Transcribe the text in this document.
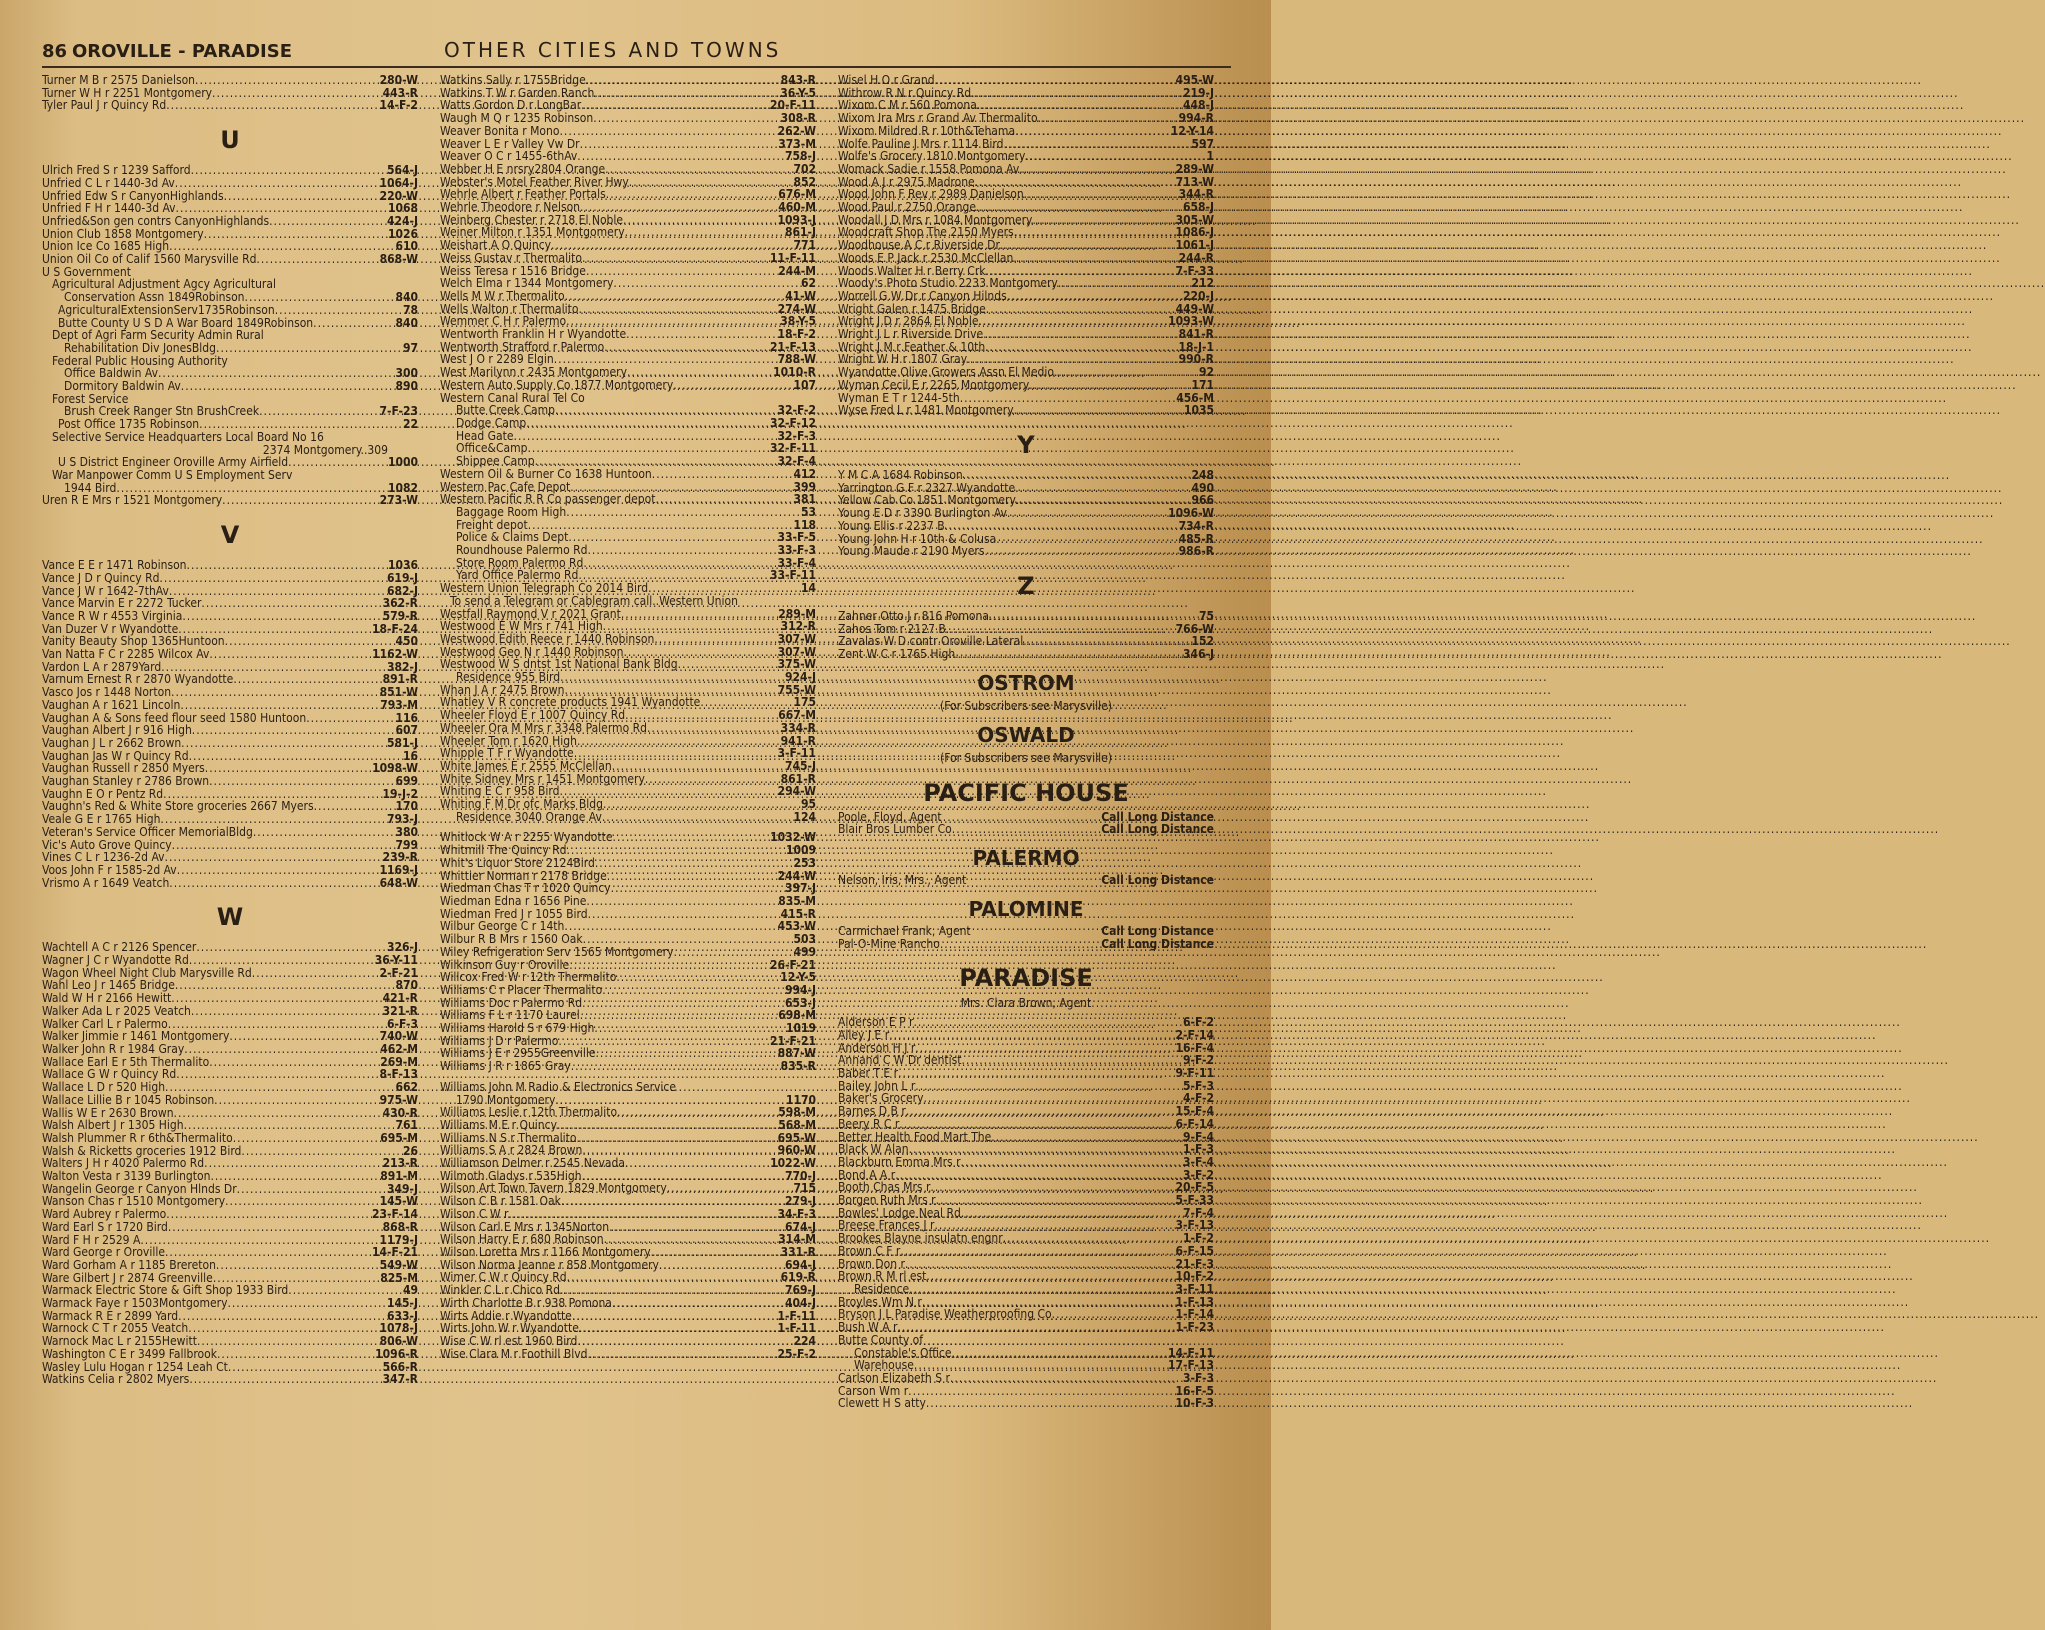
86 OROVILLE - PARADISE	OTHER CITIES AND TOWNS
Turner M B r 2575 Danielson .....	280-W
Turner W H r 2251 Montgomery .....	443-R
Tyler Paul J r Quincy Rd .....	14-F-2
U
Ulrich Fred S r 1239 Safford .....	564-J
Unfried C L r 1440-3d Av .....	1064-J
Unfried Edw S r CanyonHighlands .....	220-W
Unfried F H r 1440-3d Av .....	1068
Unfried&Son gen contrs CanyonHighlands .....	424-J
Union Club 1858 Montgomery .....	1026
Union Ice Co 1685 High .....	610
Union Oil Co of Calif 1560 Marysville Rd .....	868-W
U S Government
Agricultural Adjustment Agcy Agricultural
Conservation Assn 1849Robinson .....	840
AgriculturalExtensionServ1735Robinson .....	78
Butte County U S D A War Board 1849Robinson .....	840
Dept of Agri Farm Security Admin Rural
Rehabilitation Div JonesBldg .....	97
Federal Public Housing Authority
Office Baldwin Av .....	300
Dormitory Baldwin Av .....	890
Forest Service
Brush Creek Ranger Stn BrushCreek .....	7-F-23
Post Office 1735 Robinson .....	22
Selective Service Headquarters Local Board No 16
2374 Montgomery..309
U S District Engineer Oroville Army Airfield .....	1000
War Manpower Comm U S Employment Serv
1944 Bird .....	1082
Uren R E Mrs r 1521 Montgomery .....	273-W
V
Vance E E r 1471 Robinson .....	1036
Vance J D r Quincy Rd .....	619-J
Vance J W r 1642-7thAv .....	682-J
Vance Marvin E r 2272 Tucker .....	362-R
Vance R W r 4553 Virginia .....	579-R
Van Duzer V r Wyandotte .....	18-F-24
Vanity Beauty Shop 1365Huntoon .....	450
Van Natta F C r 2285 Wilcox Av .....	1162-W
Vardon L A r 2879Yard .....	382-J
Varnum Ernest R r 2870 Wyandotte .....	891-R
Vasco Jos r 1448 Norton .....	851-W
Vaughan A r 1621 Lincoln .....	793-M
Vaughan A & Sons feed flour seed 1580 Huntoon .....	116
Vaughan Albert J r 916 High .....	607
Vaughan J L r 2662 Brown .....	581-J
Vaughan Jas W r Quincy Rd .....	16
Vaughan Russell r 2850 Myers .....	1098-W
Vaughan Stanley r 2786 Brown .....	699
Vaughn E O r Pentz Rd .....	19-J-2
Vaughn's Red & White Store groceries 2667 Myers .....	170
Veale G E r 1765 High .....	793-J
Veteran's Service Officer MemorialBldg .....	380
Vic's Auto Grove Quincy .....	799
Vines C L r 1236-2d Av .....	239-R
Voos John F r 1585-2d Av .....	1169-J
Vrismo A r 1649 Veatch .....	648-W
W
Wachtell A C r 2126 Spencer .....	326-J
Wagner J C r Wyandotte Rd .....	36-Y-11
Wagon Wheel Night Club Marysville Rd .....	2-F-21
Wahl Leo J r 1465 Bridge .....	870
Wald W H r 2166 Hewitt .....	421-R
Walker Ada L r 2025 Veatch .....	321-R
Walker Carl L r Palermo .....	6-F-3
Walker Jimmie r 1461 Montgomery .....	740-W
Walker John R r 1984 Gray .....	462-M
Wallace Earl E r 5th Thermalito .....	269-M
Wallace G W r Quincy Rd .....	8-F-13
Wallace L D r 520 High .....	662
Wallace Lillie B r 1045 Robinson .....	975-W
Wallis W E r 2630 Brown .....	430-R
Walsh Albert J r 1305 High .....	761
Walsh Plummer R r 6th&Thermalito .....	695-M
Walsh & Ricketts groceries 1912 Bird .....	26
Walters J H r 4020 Palermo Rd .....	213-R
Walton Vesta r 3139 Burlington .....	891-M
Wangelin George r Canyon Hlnds Dr .....	349-J
Wanson Chas r 1510 Montgomery .....	145-W
Ward Aubrey r Palermo .....	23-F-14
Ward Earl S r 1720 Bird .....	868-R
Ward F H r 2529 A .....	1179-J
Ward George r Oroville .....	14-F-21
Ward Gorham A r 1185 Brereton .....	549-W
Ware Gilbert J r 2874 Greenville .....	825-M
Warmack Electric Store & Gift Shop 1933 Bird .....	49
Warmack Faye r 1503Montgomery .....	145-J
Warmack R E r 2899 Yard .....	633-J
Warnock C T r 2055 Veatch .....	1078-J
Warnock Mac L r 2155Hewitt .....	806-W
Washington C E r 3499 Fallbrook .....	1096-R
Wasley Lulu Hogan r 1254 Leah Ct .....	566-R
Watkins Celia r 2802 Myers .....	347-R
Watkins Sally r 1755Bridge .....	843-R
Watkins T W r Garden Ranch .....	36-Y-5
Watts Gordon D r LongBar .....	20-F-11
Waugh M Q r 1235 Robinson .....	308-R
Weaver Bonita r Mono .....	262-W
Weaver L E r Valley Vw Dr .....	373-M
Weaver O C r 1455-6thAv .....	758-J
Webber H E nrsry2804 Orange .....	702
Webster's Motel Feather River Hwy .....	852
Wehrle Albert r Feather Portals .....	676-M
Wehrle Theodore r Nelson .....	460-M
Weinberg Chester r 2718 El Noble .....	1093-J
Weiner Milton r 1351 Montgomery .....	861-J
Weishart A O Quincy .....	771
Weiss Gustav r Thermalito .....	11-F-11
Weiss Teresa r 1516 Bridge .....	244-M
Welch Elma r 1344 Montgomery .....	62
Wells M W r Thermalito .....	41-W
Wells Walton r Thermalito .....	274-W
Wemmer C H r Palermo .....	38-Y-5
Wentworth Franklin H r Wyandotte .....	18-F-2
Wentworth Strafford r Palermo .....	21-F-13
West J O r 2289 Elgin .....	788-W
West Marilynn r 2435 Montgomery .....	1010-R
Western Auto Supply Co 1877 Montgomery .....	107
Western Canal Rural Tel Co
Butte Creek Camp .....	32-F-2
Dodge Camp .....	32-F-12
Head Gate .....	32-F-3
Office&Camp .....	32-F-11
Shippee Camp .....	32-F-4
Western Oil & Burner Co 1638 Huntoon .....	412
Western Pac Cafe Depot .....	399
Western Pacific R R Co passenger depot .....	381
Baggage Room High .....	53
Freight depot .....	118
Police & Claims Dept .....	33-F-5
Roundhouse Palermo Rd .....	33-F-3
Store Room Palermo Rd .....	33-F-4
Yard Office Palermo Rd .....	33-F-11
Western Union Telegraph Co 2014 Bird .....	14
To send a Telegram or Cablegram call..Western Union
Westfall Raymond V r 2021 Grant .....	289-M
Westwood E W Mrs r 741 High .....	312-R
Westwood Edith Reece r 1440 Robinson .....	307-W
Westwood Geo N r 1440 Robinson .....	307-W
Westwood W S dntst 1st National Bank Bldg .....	375-W
Residence 955 Bird .....	924-J
Whan J A r 2475 Brown .....	755-W
Whatley V R concrete products 1941 Wyandotte .....	175
Wheeler Floyd E r 1007 Quincy Rd .....	667-M
Wheeler Ora M Mrs r 3348 Palermo Rd .....	334-R
Wheeler Tom r 1620 High .....	941-R
Whipple T F r Wyandotte .....	3-F-11
White James E r 2555 McClellan .....	745-J
White Sidney Mrs r 1451 Montgomery .....	861-R
Whiting E C r 958 Bird .....	294-W
Whiting F M Dr ofc Marks Bldg .....	95
Residence 3040 Orange Av .....	124
Whitlock W A r 2255 Wyandotte .....	1032-W
Whitmill The Quincy Rd .....	1009
Whit's Liquor Store 2124Bird .....	253
Whittier Norman r 2178 Bridge .....	244-W
Wiedman Chas T r 1020 Quincy .....	397-J
Wiedman Edna r 1656 Pine .....	835-M
Wiedman Fred J r 1055 Bird .....	415-R
Wilbur George C r 14th .....	453-W
Wilbur R B Mrs r 1560 Oak .....	503
Wiley Refrigeration Serv 1565 Montgomery .....	499
Wilkinson Guy r Oroville .....	26-F-21
Willcox Fred W r 12th Thermalito .....	12-Y-5
Williams C r Placer Thermalito .....	994-J
Williams Doc r Palermo Rd .....	653-J
Williams F L r 1170 Laurel .....	698-M
Williams Harold S r 679 High .....	1019
Williams J D r Palermo .....	21-F-21
Williams J E r 2955Greenville .....	887-W
Williams J R r 1865 Gray .....	835-R
Williams John M Radio & Electronics Service
1790 Montgomery .....	1170
Williams Leslie r 12th Thermalito .....	598-M
Williams M E r Quincy .....	568-M
Williams N S r Thermalito .....	695-W
Williams S A r 2824 Brown .....	960-W
Williamson Delmer r 2545 Nevada .....	1022-W
Wilmoth Gladys r 535High .....	770-J
Wilson Art Town Tavern 1829 Montgomery .....	715
Wilson C B r 1581 Oak .....	279-J
Wilson C W r .....	34-F-3
Wilson Carl E Mrs r 1345Norton .....	674-J
Wilson Harry E r 680 Robinson .....	314-M
Wilson Loretta Mrs r 1166 Montgomery .....	331-R
Wilson Norma Jeanne r 858 Montgomery .....	694-J
Wimer C W r Quincy Rd .....	619-R
Winkler C L r Chico Rd .....	769-J
Wirth Charlotte B r 938 Pomona .....	404-J
Wirts Addie r Wyandotte .....	1-F-11
Wirts John W r Wyandotte .....	1-F-11
Wise C W rl est 1960 Bird .....	224
Wise Clara M r Foothill Blvd .....	25-F-2
Wisel H O r Grand .....	495-W
Withrow R N r Quincy Rd .....	219-J
Wixom C M r 560 Pomona .....	448-J
Wixom Ira Mrs r Grand Av Thermalito .....	994-R
Wixom Mildred R r 10th&Tehama .....	12-Y-14
Wolfe Pauline J Mrs r 1114 Bird .....	597
Wolfe's Grocery 1810 Montgomery .....	1
Womack Sadie r 1558 Pomona Av .....	289-W
Wood A J r 2975 Madrone .....	713-W
Wood John F Rev r 2989 Danielson .....	344-R
Wood Paul r 2750 Orange .....	658-J
Woodall J D Mrs r 1084 Montgomery .....	305-W
Woodcraft Shop The 2150 Myers .....	1086-J
Woodhouse A C r Riverside Dr .....	1061-J
Woods E P Jack r 2530 McClellan .....	244-R
Woods Walter H r Berry Crk .....	7-F-33
Woody's Photo Studio 2233 Montgomery .....	212
Worrell G W Dr r Canyon Hilnds .....	220-J
Wright Galen r 1475 Bridge .....	449-W
Wright J D r 2864 El Noble .....	1093-W
Wright J L r Riverside Drive .....	841-R
Wright J M r Feather & 10th .....	18-J-1
Wright W H r 1807 Gray .....	990-R
Wyandotte Olive Growers Assn El Medio .....	92
Wyman Cecil E r 2265 Montgomery .....	171
Wyman E T r 1244-5th .....	456-M
Wyse Fred L r 1481 Montgomery .....	1035
Y
Y M C A 1684 Robinson .....	248
Yarrington G F r 2327 Wyandotte .....	490
Yellow Cab Co 1851 Montgomery .....	966
Young E D r 3390 Burlington Av .....	1096-W
Young Ellis r 2237 B .....	734-R
Young John H r 10th & Colusa .....	485-R
Young Maude r 2190 Myers .....	986-R
Z
Zahner Otto J r 816 Pomona .....	75
Zahos Tom r 2127 B .....	766-W
Zavalas W D contr Oroville Lateral .....	152
Zent W C r 1765 High .....	346-J
OSTROM
(For Subscribers see Marysville)
OSWALD
(For Subscribers see Marysville)
PACIFIC HOUSE
Poole, Floyd, Agent	Call Long Distance
Blair Bros Lumber Co .....	Call Long Distance
PALERMO
Nelson, Iris, Mrs., Agent	Call Long Distance
PALOMINE
Carmichael Frank, Agent	Call Long Distance
Pal-O-Mine Rancho .....	Call Long Distance
PARADISE
Mrs. Clara Brown, Agent
Alderson E P r .....	6-F-2
Alley J E r .....	2-F-14
Anderson H J r .....	16-F-4
Annand C W Dr dentist .....	9-F-2
Baber T E r .....	9-F-11
Bailey John L r .....	5-F-3
Baker's Grocery .....	4-F-2
Barnes D B r .....	15-F-4
Beery R C r .....	6-F-14
Better Health Food Mart The .....	9-F-4
Black W Alan .....	1-F-3
Blackburn Emma Mrs r .....	3-F-4
Bond A A r .....	3-F-2
Booth Chas Mrs r .....	20-F-5
Borgen Ruth Mrs r .....	5-F-33
Bowles' Lodge Neal Rd .....	7-F-4
Breese Frances J r .....	3-F-13
Brookes Blayne insulatn engnr .....	1-F-2
Brown C F r .....	6-F-15
Brown Don r .....	21-F-3
Brown R M rl est .....	10-F-2
Residence .....	3-F-11
Broyles Wm N r .....	1-F-13
Bryson J L Paradise Weatherproofing Co .....	1-F-14
Bush W A r .....	1-F-23
Butte County of
Constable's Office .....	14-F-11
Warehouse .....	17-F-13
Carlson Elizabeth S r .....	3-F-3
Carson Wm r .....	16-F-5
Clewett H S atty .....	10-F-3
